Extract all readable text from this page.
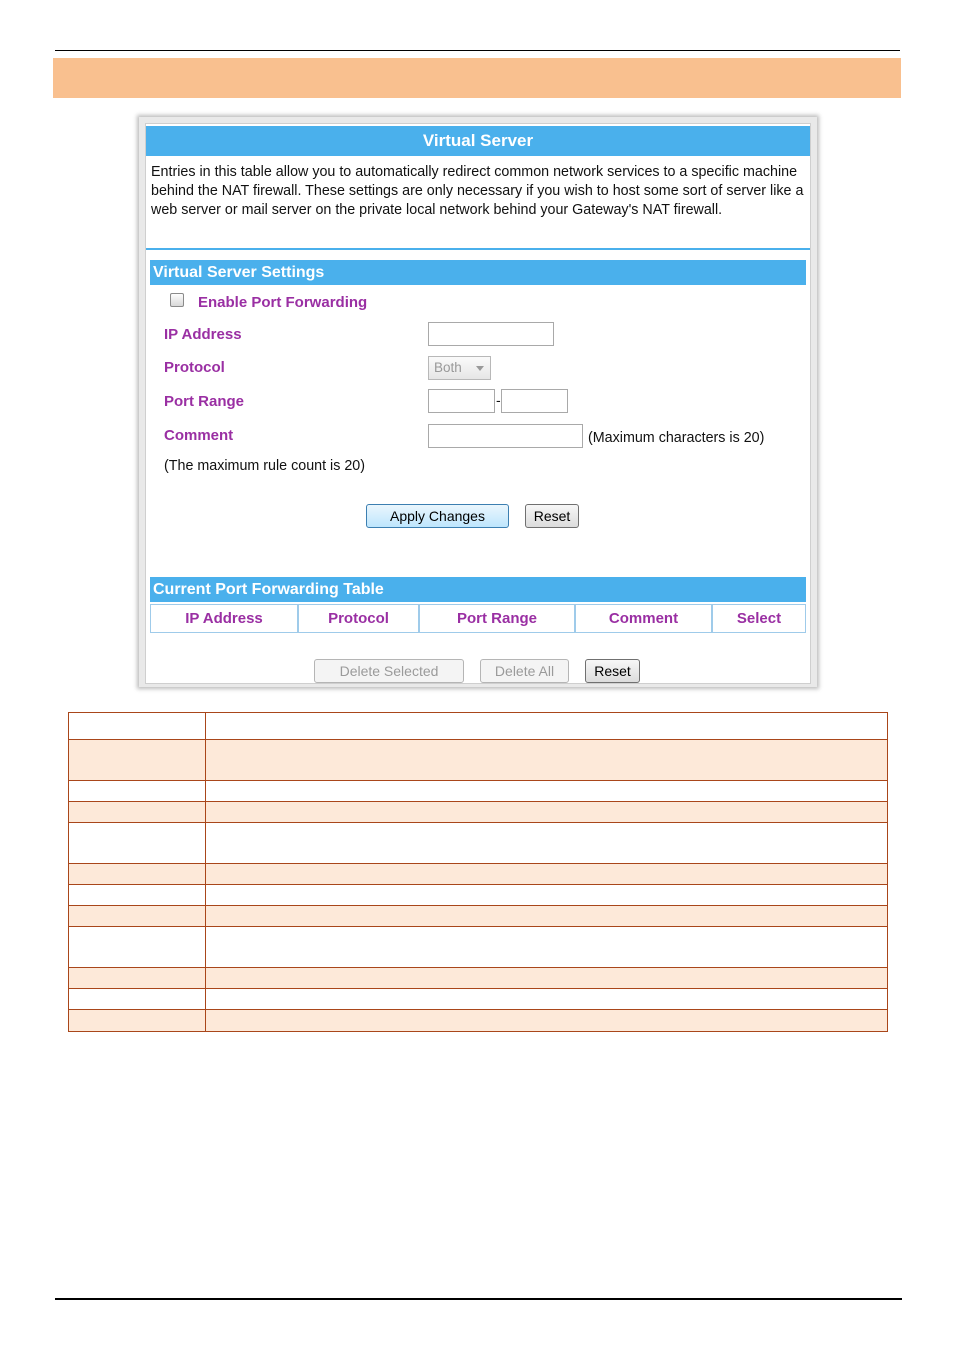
Virtual Server
Entries in this table allow you to automatically redirect common network services to a specific machine behind the NAT firewall. These settings are only necessary if you wish to host some sort of server like a web server or mail server on the private local network behind your Gateway's NAT firewall.
Virtual Server Settings
Enable Port Forwarding
IP Address
Protocol	Both
Port Range	-
Comment	(Maximum characters is 20)
(The maximum rule count is 20)
Apply Changes	Reset
Current Port Forwarding Table
IP Address	Protocol	Port Range	Comment	Select
Delete Selected	Delete All	Reset
